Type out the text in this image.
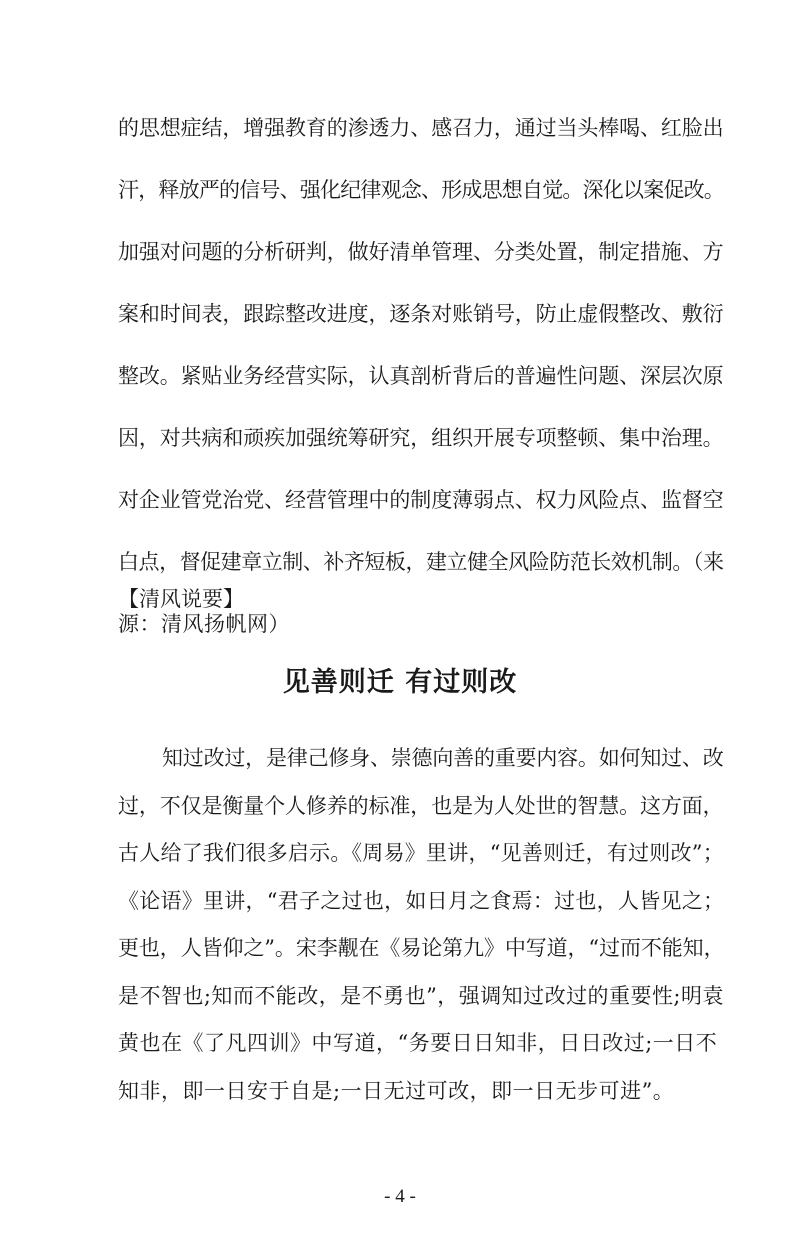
的思想症结，增强教育的渗透力、感召力，通过当头棒喝、红脸出
汗，释放严的信号、强化纪律观念、形成思想自觉。深化以案促改。
加强对问题的分析研判，做好清单管理、分类处置，制定措施、方
案和时间表，跟踪整改进度，逐条对账销号，防止虚假整改、敷衍
整改。紧贴业务经营实际，认真剖析背后的普遍性问题、深层次原
因，对共病和顽疾加强统筹研究，组织开展专项整顿、集中治理。
对企业管党治党、经营管理中的制度薄弱点、权力风险点、监督空
白点，督促建章立制、补齐短板，建立健全风险防范长效机制。（来
源：清风扬帆网）
【清风说要】
见善则迁 有过则改
知过改过，是律己修身、崇德向善的重要内容。如何知过、改
过，不仅是衡量个人修养的标准，也是为人处世的智慧。这方面，
古人给了我们很多启示。《周易》里讲，“见善则迁，有过则改”；
《论语》里讲，“君子之过也，如日月之食焉：过也，人皆见之；
更也，人皆仰之”。宋李觏在《易论第九》中写道，“过而不能知，
是不智也;知而不能改，是不勇也”，强调知过改过的重要性;明袁
黄也在《了凡四训》中写道，“务要日日知非，日日改过;一日不
知非，即一日安于自是;一日无过可改，即一日无步可进”。
- 4 -
